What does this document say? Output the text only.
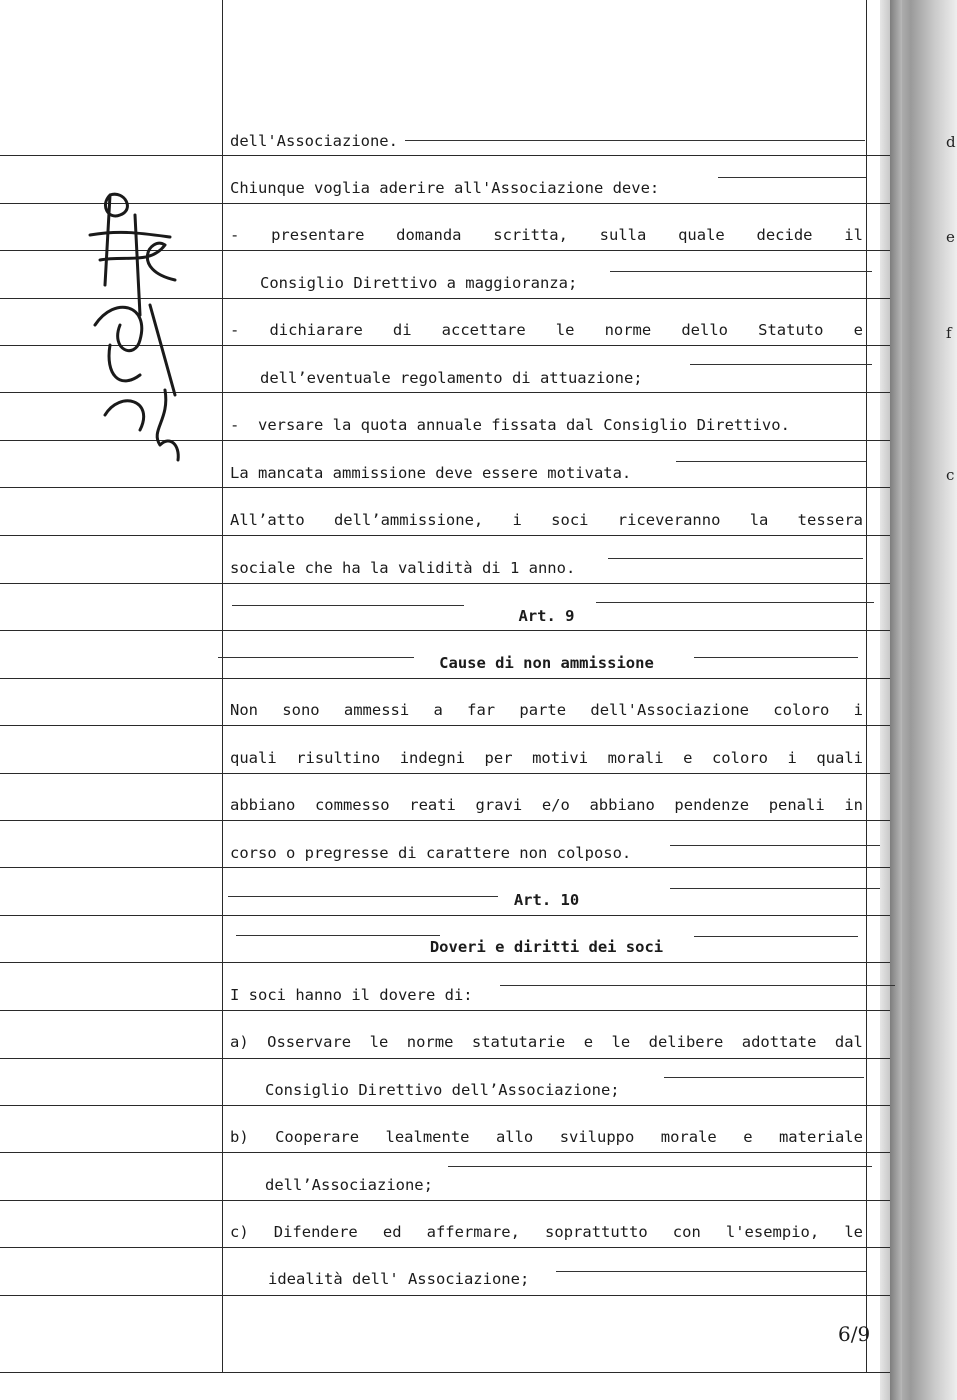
d
e
f
c
dell'Associazione.
Chiunque voglia aderire all'Associazione deve:
- presentare domanda scritta, sulla quale decide il
Consiglio Direttivo a maggioranza;
- dichiarare di accettare le norme dello Statuto e
dell’eventuale regolamento di attuazione;
-  versare la quota annuale fissata dal Consiglio Direttivo.
La mancata ammissione deve essere motivata.
All’atto dell’ammissione, i soci riceveranno la tessera
sociale che ha la validità di 1 anno.
Art. 9
Cause di non ammissione
Non sono ammessi a far parte dell'Associazione coloro i
quali risultino indegni per motivi morali e coloro i quali
abbiano commesso reati gravi e/o abbiano pendenze penali in
corso o pregresse di carattere non colposo.
Art. 10
Doveri e diritti dei soci
I soci hanno il dovere di:
a) Osservare le norme statutarie e le delibere adottate dal
Consiglio Direttivo dell’Associazione;
b) Cooperare lealmente allo sviluppo morale e materiale
dell’Associazione;
c) Difendere ed affermare, soprattutto con l'esempio, le
idealità dell' Associazione;
6/9
